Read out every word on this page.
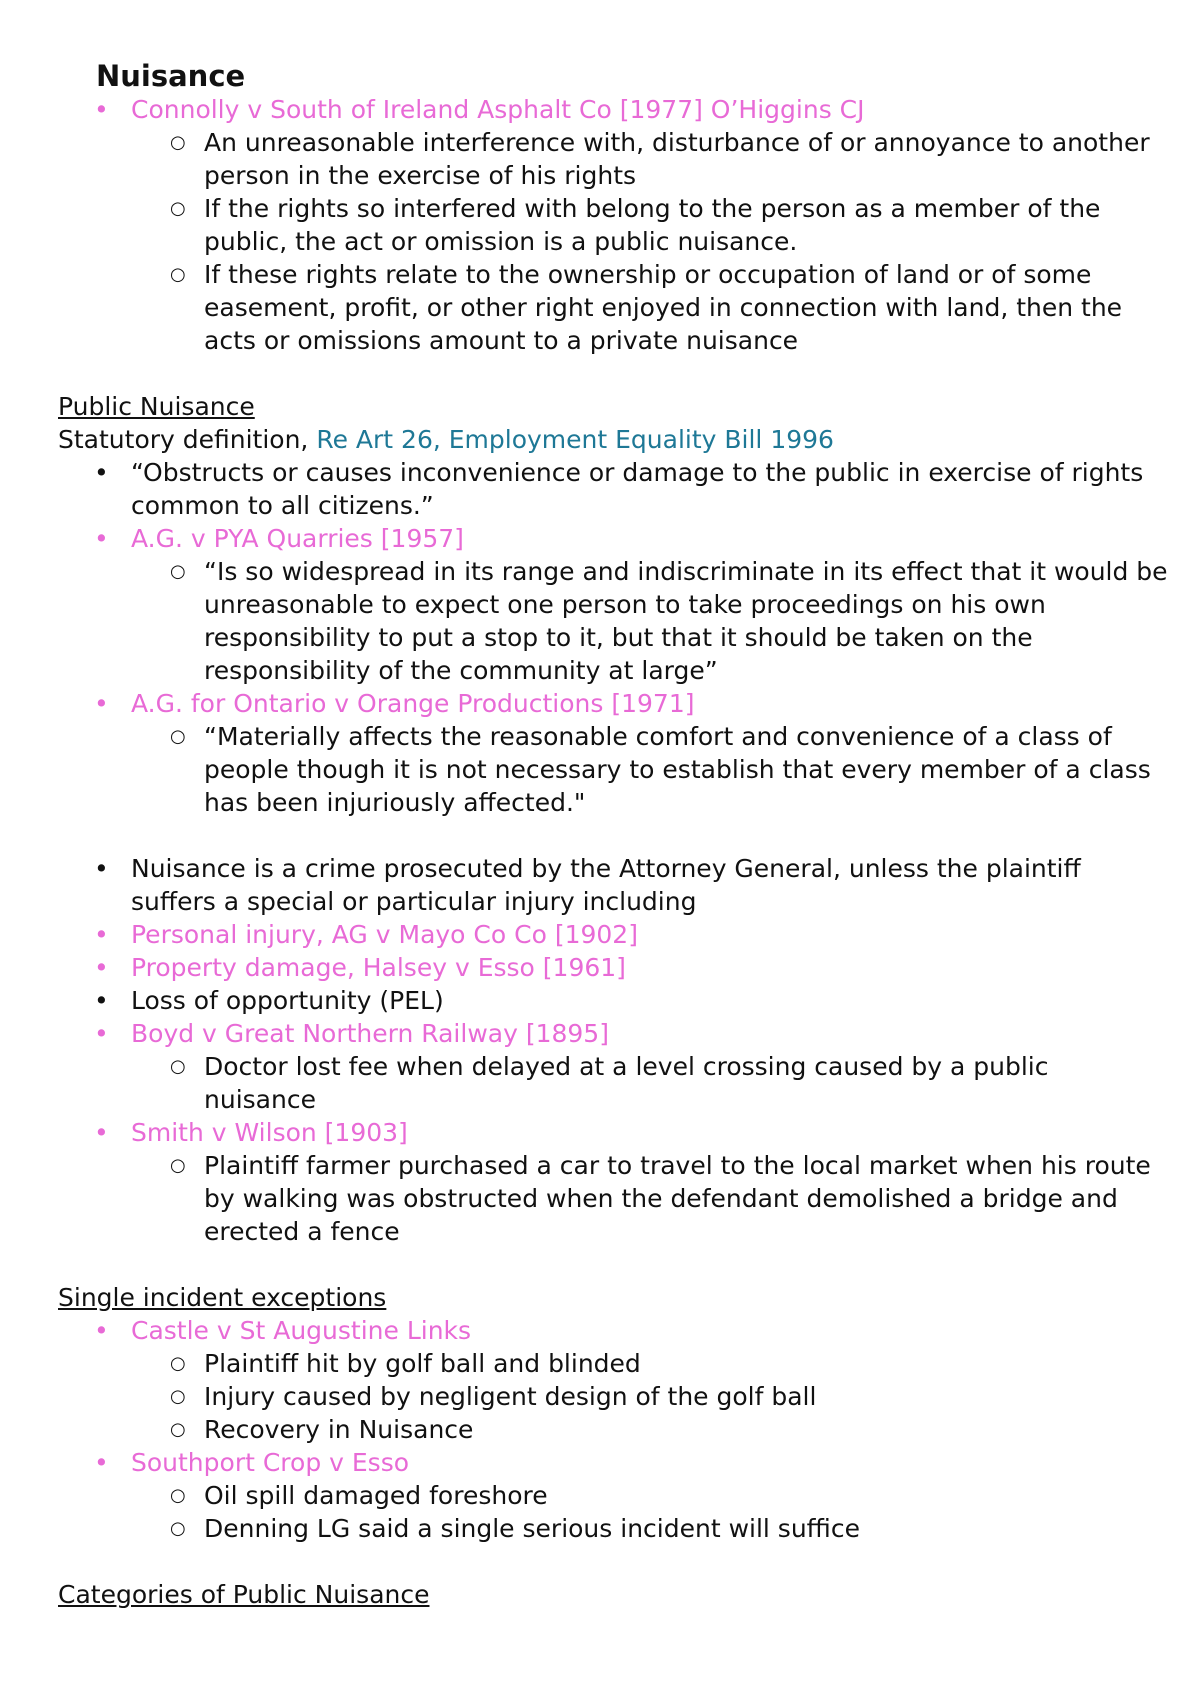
Nuisance
• Connolly v South of Ireland Asphalt Co [1977] O’Higgins CJ
○ An unreasonable interference with, disturbance of or annoyance to another person in the exercise of his rights
○ If the rights so interfered with belong to the person as a member of the public, the act or omission is a public nuisance.
○ If these rights relate to the ownership or occupation of land or of some easement, profit, or other right enjoyed in connection with land, then the acts or omissions amount to a private nuisance
Public Nuisance
Statutory definition, Re Art 26, Employment Equality Bill 1996
• “Obstructs or causes inconvenience or damage to the public in exercise of rights common to all citizens.”
• A.G. v PYA Quarries [1957]
○ “Is so widespread in its range and indiscriminate in its effect that it would be unreasonable to expect one person to take proceedings on his own responsibility to put a stop to it, but that it should be taken on the responsibility of the community at large”
• A.G. for Ontario v Orange Productions [1971]
○ “Materially affects the reasonable comfort and convenience of a class of people though it is not necessary to establish that every member of a class has been injuriously affected."
• Nuisance is a crime prosecuted by the Attorney General, unless the plaintiff suffers a special or particular injury including
• Personal injury, AG v Mayo Co Co [1902]
• Property damage, Halsey v Esso [1961]
• Loss of opportunity (PEL)
• Boyd v Great Northern Railway [1895]
○ Doctor lost fee when delayed at a level crossing caused by a public nuisance
• Smith v Wilson [1903]
○ Plaintiff farmer purchased a car to travel to the local market when his route by walking was obstructed when the defendant demolished a bridge and erected a fence
Single incident exceptions
• Castle v St Augustine Links
○ Plaintiff hit by golf ball and blinded
○ Injury caused by negligent design of the golf ball
○ Recovery in Nuisance
• Southport Crop v Esso
○ Oil spill damaged foreshore
○ Denning LG said a single serious incident will suffice
Categories of Public Nuisance
